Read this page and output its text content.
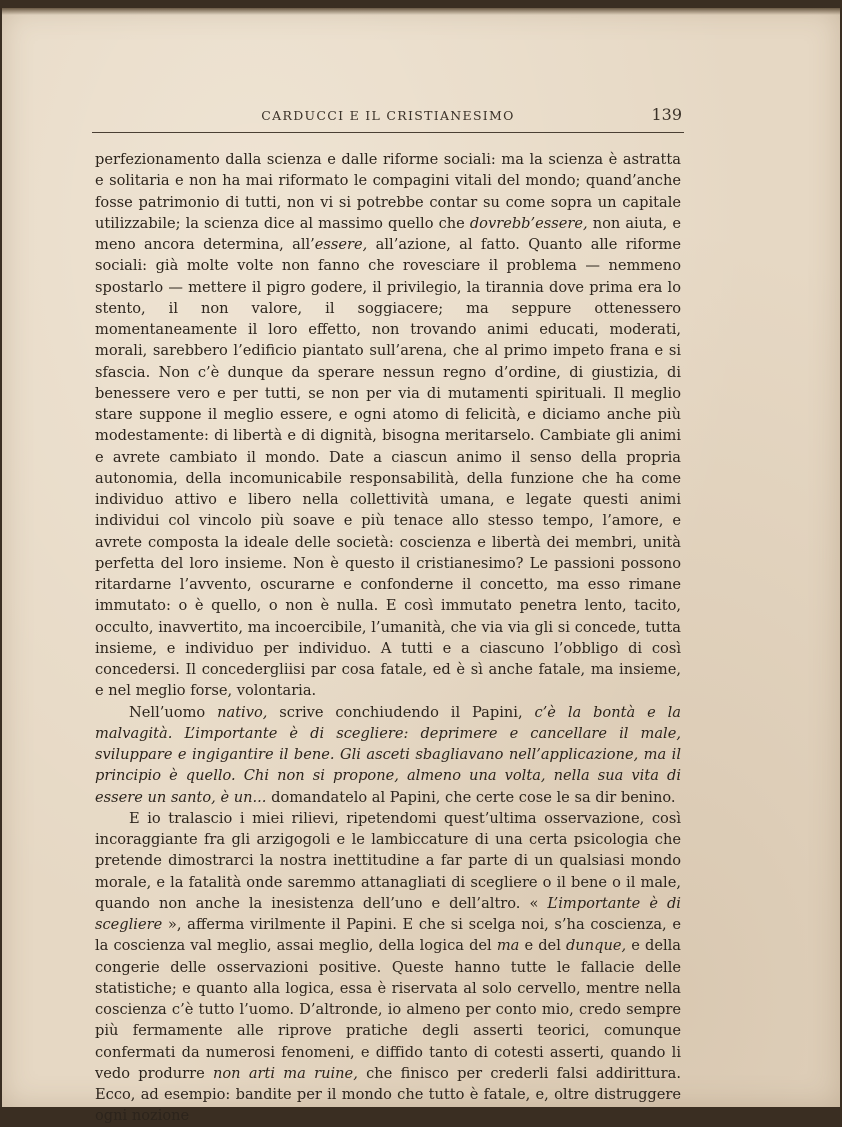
CARDUCCI E IL CRISTIANESIMO	139

perfezionamento dalla scienza e dalle riforme sociali: ma la scienza è astratta e solitaria e non ha mai riformato le compagini vitali del mondo; quand’anche fosse patrimonio di tutti, non vi si potrebbe contar su come sopra un capitale utilizzabile; la scienza dice al massimo quello che dovrebb’essere, non aiuta, e meno ancora determina, all’essere, all’azione, al fatto. Quanto alle riforme sociali: già molte volte non fanno che rovesciare il problema — nemmeno spostarlo — mettere il pigro godere, il privilegio, la tirannia dove prima era lo stento, il non valore, il soggiacere; ma seppure ottenessero momentaneamente il loro effetto, non trovando animi educati, moderati, morali, sarebbero l’edificio piantato sull’arena, che al primo impeto frana e si sfascia. Non c’è dunque da sperare nessun regno d’ordine, di giustizia, di benessere vero e per tutti, se non per via di mutamenti spirituali. Il meglio stare suppone il meglio essere, e ogni atomo di felicità, e diciamo anche più modestamente: di libertà e di dignità, bisogna meritarselo. Cambiate gli animi e avrete cambiato il mondo. Date a ciascun animo il senso della propria autonomia, della incomunicabile responsabilità, della funzione che ha come individuo attivo e libero nella collettività umana, e legate questi animi individui col vincolo più soave e più tenace allo stesso tempo, l’amore, e avrete composta la ideale delle società: coscienza e libertà dei membri, unità perfetta del loro insieme. Non è questo il cristianesimo? Le passioni possono ritardarne l’avvento, oscurarne e confonderne il concetto, ma esso rimane immutato: o è quello, o non è nulla. E così immutato penetra lento, tacito, occulto, inavvertito, ma incoercibile, l’umanità, che via via gli si concede, tutta insieme, e individuo per individuo. A tutti e a ciascuno l’obbligo di così concedersi. Il concedergliisi par cosa fatale, ed è sì anche fatale, ma insieme, e nel meglio forse, volontaria.

Nell’uomo nativo, scrive conchiudendo il Papini, c’è la bontà e la malvagità. L’importante è di scegliere: deprimere e cancellare il male, sviluppare e ingigantire il bene. Gli asceti sbagliavano nell’applicazione, ma il principio è quello. Chi non si propone, almeno una volta, nella sua vita di essere un santo, è un... domandatelo al Papini, che certe cose le sa dir benino.

E io tralascio i miei rilievi, ripetendomi quest’ultima osservazione, così incoraggiante fra gli arzigogoli e le lambiccature di una certa psicologia che pretende dimostrarci la nostra inettitudine a far parte di un qualsiasi mondo morale, e la fatalità onde saremmo attanagliati di scegliere o il bene o il male, quando non anche la inesistenza dell’uno e dell’altro. « L’importante è di scegliere », afferma virilmente il Papini. E che si scelga noi, s’ha coscienza, e la coscienza val meglio, assai meglio, della logica del ma e del dunque, e della congerie delle osservazioni positive. Queste hanno tutte le fallacie delle statistiche; e quanto alla logica, essa è riservata al solo cervello, mentre nella coscienza c’è tutto l’uomo. D’altronde, io almeno per conto mio, credo sempre più fermamente alle riprove pratiche degli asserti teorici, comunque confermati da numerosi fenomeni, e diffido tanto di cotesti asserti, quando li vedo produrre non arti ma ruine, che finisco per crederli falsi addirittura. Ecco, ad esempio: bandite per il mondo che tutto è fatale, e, oltre distruggere ogni nozione
